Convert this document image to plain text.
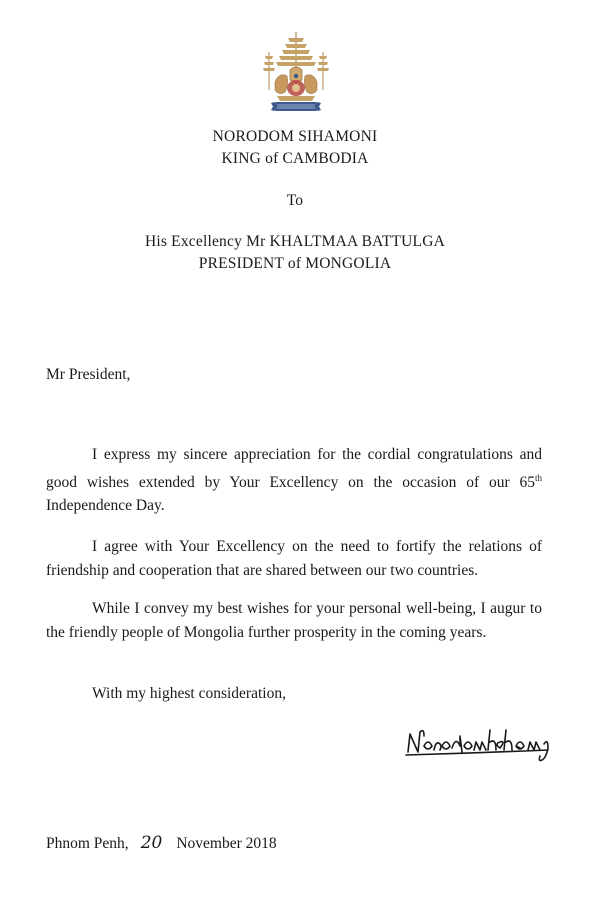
NORODOM SIHAMONI
KING of CAMBODIA
To
His Excellency Mr KHALTMAA BATTULGA
PRESIDENT of MONGOLIA
Mr President,

I express my sincere appreciation for the cordial congratulations and good wishes extended by Your Excellency on the occasion of our 65th Independence Day.

I agree with Your Excellency on the need to fortify the relations of friendship and cooperation that are shared between our two countries.

While I convey my best wishes for your personal well-being, I augur to the friendly people of Mongolia further prosperity in the coming years.

With my highest consideration,
Phnom Penh, 20 November 2018
